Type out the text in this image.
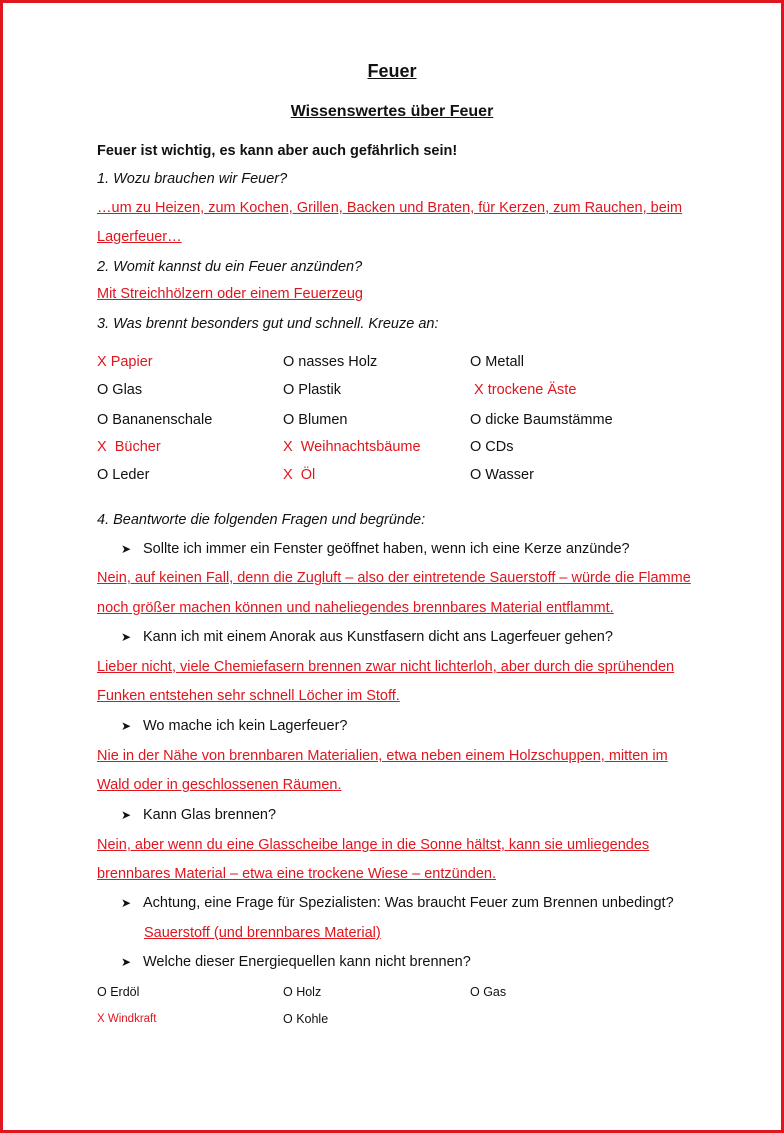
Feuer
Wissenswertes über Feuer
Feuer ist wichtig, es kann aber auch gefährlich sein!
1. Wozu brauchen wir Feuer?
…um zu Heizen, zum Kochen, Grillen, Backen und Braten, für Kerzen, zum Rauchen, beim
Lagerfeuer…
2. Womit kannst du ein Feuer anzünden?
Mit Streichhölzern oder einem Feuerzeug
3. Was brennt besonders gut und schnell. Kreuze an:
X Papier	O nasses Holz	O Metall
O Glas	O Plastik	X trockene Äste
O Bananenschale	O Blumen	O dicke Baumstämme
X  Bücher	X  Weihnachtsbäume	O CDs
O Leder	X  Öl	O Wasser
4. Beantworte die folgenden Fragen und begründe:
➤ Sollte ich immer ein Fenster geöffnet haben, wenn ich eine Kerze anzünde?
Nein, auf keinen Fall, denn die Zugluft – also der eintretende Sauerstoff – würde die Flamme
noch größer machen können und naheliegendes brennbares Material entflammt.
➤ Kann ich mit einem Anorak aus Kunstfasern dicht ans Lagerfeuer gehen?
Lieber nicht, viele Chemiefasern brennen zwar nicht lichterloh, aber durch die sprühenden
Funken entstehen sehr schnell Löcher im Stoff.
➤ Wo mache ich kein Lagerfeuer?
Nie in der Nähe von brennbaren Materialien, etwa neben einem Holzschuppen, mitten im
Wald oder in geschlossenen Räumen.
➤ Kann Glas brennen?
Nein, aber wenn du eine Glasscheibe lange in die Sonne hältst, kann sie umliegendes
brennbares Material – etwa eine trockene Wiese – entzünden.
➤ Achtung, eine Frage für Spezialisten: Was braucht Feuer zum Brennen unbedingt?
Sauerstoff (und brennbares Material)
➤ Welche dieser Energiequellen kann nicht brennen?
O Erdöl	O Holz	O Gas
X Windkraft	O Kohle
